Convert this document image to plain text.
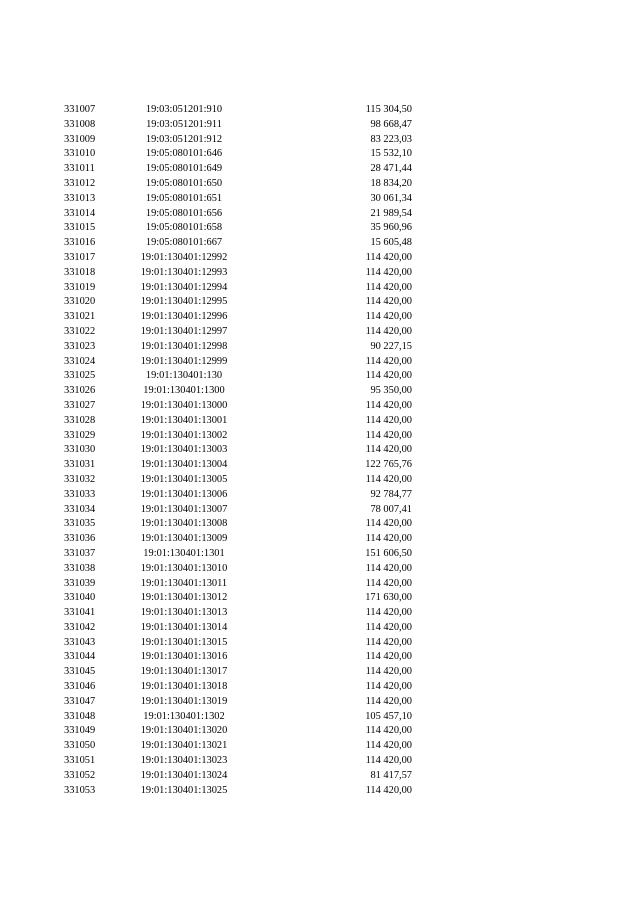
331007	19:03:051201:910		115 304,50
331008	19:03:051201:911		98 668,47
331009	19:03:051201:912		83 223,03
331010	19:05:080101:646		15 532,10
331011	19:05:080101:649		28 471,44
331012	19:05:080101:650		18 834,20
331013	19:05:080101:651		30 061,34
331014	19:05:080101:656		21 989,54
331015	19:05:080101:658		35 960,96
331016	19:05:080101:667		15 605,48
331017	19:01:130401:12992		114 420,00
331018	19:01:130401:12993		114 420,00
331019	19:01:130401:12994		114 420,00
331020	19:01:130401:12995		114 420,00
331021	19:01:130401:12996		114 420,00
331022	19:01:130401:12997		114 420,00
331023	19:01:130401:12998		90 227,15
331024	19:01:130401:12999		114 420,00
331025	19:01:130401:130		114 420,00
331026	19:01:130401:1300		95 350,00
331027	19:01:130401:13000		114 420,00
331028	19:01:130401:13001		114 420,00
331029	19:01:130401:13002		114 420,00
331030	19:01:130401:13003		114 420,00
331031	19:01:130401:13004		122 765,76
331032	19:01:130401:13005		114 420,00
331033	19:01:130401:13006		92 784,77
331034	19:01:130401:13007		78 007,41
331035	19:01:130401:13008		114 420,00
331036	19:01:130401:13009		114 420,00
331037	19:01:130401:1301		151 606,50
331038	19:01:130401:13010		114 420,00
331039	19:01:130401:13011		114 420,00
331040	19:01:130401:13012		171 630,00
331041	19:01:130401:13013		114 420,00
331042	19:01:130401:13014		114 420,00
331043	19:01:130401:13015		114 420,00
331044	19:01:130401:13016		114 420,00
331045	19:01:130401:13017		114 420,00
331046	19:01:130401:13018		114 420,00
331047	19:01:130401:13019		114 420,00
331048	19:01:130401:1302		105 457,10
331049	19:01:130401:13020		114 420,00
331050	19:01:130401:13021		114 420,00
331051	19:01:130401:13023		114 420,00
331052	19:01:130401:13024		81 417,57
331053	19:01:130401:13025		114 420,00
